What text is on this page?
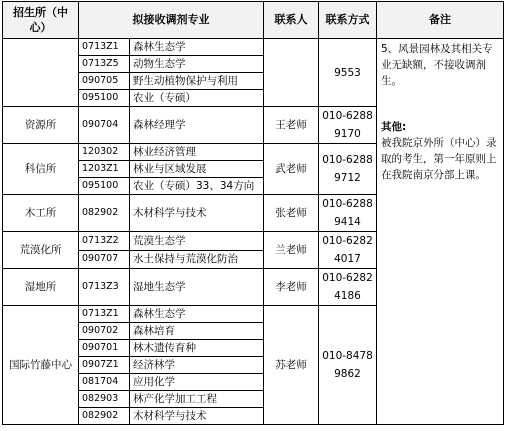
招生所（中心）	拟接收调剂专业		联系人	联系方式	备注
	0713Z1	森林生态学		9553	5、风景园林及其相关专业无缺额，不接收调剂生。

其他:

被我院京外所（中心）录取的考生，第一年原则上在我院南京分部上课。

	0713Z5	动物生态学			
	090705	野生动植物保护与利用			
	095100	农业（专硕）			
资源所	090704	森林经理学	王老师	010-6288 9170	
科信所	120302	林业经济管理	武老师	010-6288 9712	
	1203Z1	林业与区域发展			
	095100	农业（专硕）33、34方向			
木工所	082902	木材科学与技术	张老师	010-6288 9414	
荒漠化所	0713Z2	荒漠生态学	兰老师	010-6282 4017	
	090707	水土保持与荒漠化防治			
湿地所	0713Z3	湿地生态学	李老师	010-6282 4186	
国际竹藤中心	0713Z1	森林生态学	苏老师	010-8478 9862	
	090702	森林培育			
	090701	林木遗传育种			
	0907Z1	经济林学			
	081704	应用化学			
	082903	林产化学加工工程			
	082902	木材科学与技术			
